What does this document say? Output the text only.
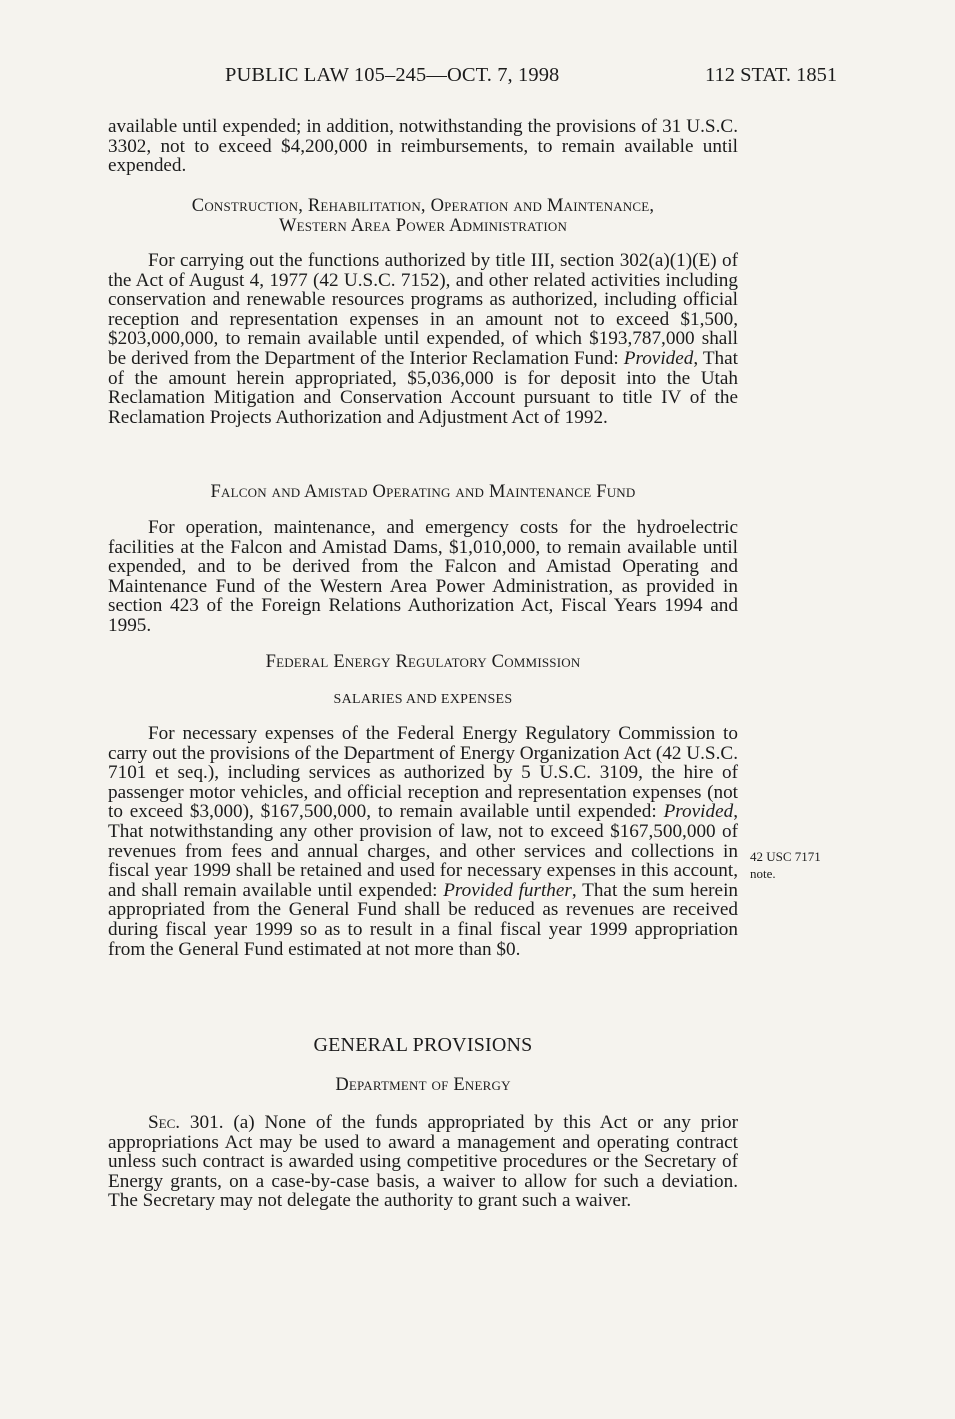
PUBLIC LAW 105–245—OCT. 7, 1998	112 STAT. 1851

available until expended; in addition, notwithstanding the provisions of 31 U.S.C. 3302, not to exceed $4,200,000 in reimbursements, to remain available until expended.

Construction, Rehabilitation, Operation and Maintenance,
Western Area Power Administration

For carrying out the functions authorized by title III, section 302(a)(1)(E) of the Act of August 4, 1977 (42 U.S.C. 7152), and other related activities including conservation and renewable resources programs as authorized, including official reception and representation expenses in an amount not to exceed $1,500, $203,000,000, to remain available until expended, of which $193,787,000 shall be derived from the Department of the Interior Reclamation Fund: Provided, That of the amount herein appropriated, $5,036,000 is for deposit into the Utah Reclamation Mitigation and Conservation Account pursuant to title IV of the Reclamation Projects Authorization and Adjustment Act of 1992.

Falcon and Amistad Operating and Maintenance Fund

For operation, maintenance, and emergency costs for the hydroelectric facilities at the Falcon and Amistad Dams, $1,010,000, to remain available until expended, and to be derived from the Falcon and Amistad Operating and Maintenance Fund of the Western Area Power Administration, as provided in section 423 of the Foreign Relations Authorization Act, Fiscal Years 1994 and 1995.

Federal Energy Regulatory Commission
SALARIES AND EXPENSES

For necessary expenses of the Federal Energy Regulatory Commission to carry out the provisions of the Department of Energy Organization Act (42 U.S.C. 7101 et seq.), including services as authorized by 5 U.S.C. 3109, the hire of passenger motor vehicles, and official reception and representation expenses (not to exceed $3,000), $167,500,000, to remain available until expended: Provided, That notwithstanding any other provision of law, not to exceed $167,500,000 of revenues from fees and annual charges, and other services and collections in fiscal year 1999 shall be retained and used for necessary expenses in this account, and shall remain available until expended: Provided further, That the sum herein appropriated from the General Fund shall be reduced as revenues are received during fiscal year 1999 so as to result in a final fiscal year 1999 appropriation from the General Fund estimated at not more than $0.

42 USC 7171
note.
GENERAL PROVISIONS
Department of Energy

Sec. 301. (a) None of the funds appropriated by this Act or any prior appropriations Act may be used to award a management and operating contract unless such contract is awarded using competitive procedures or the Secretary of Energy grants, on a case-by-case basis, a waiver to allow for such a deviation. The Secretary may not delegate the authority to grant such a waiver.
